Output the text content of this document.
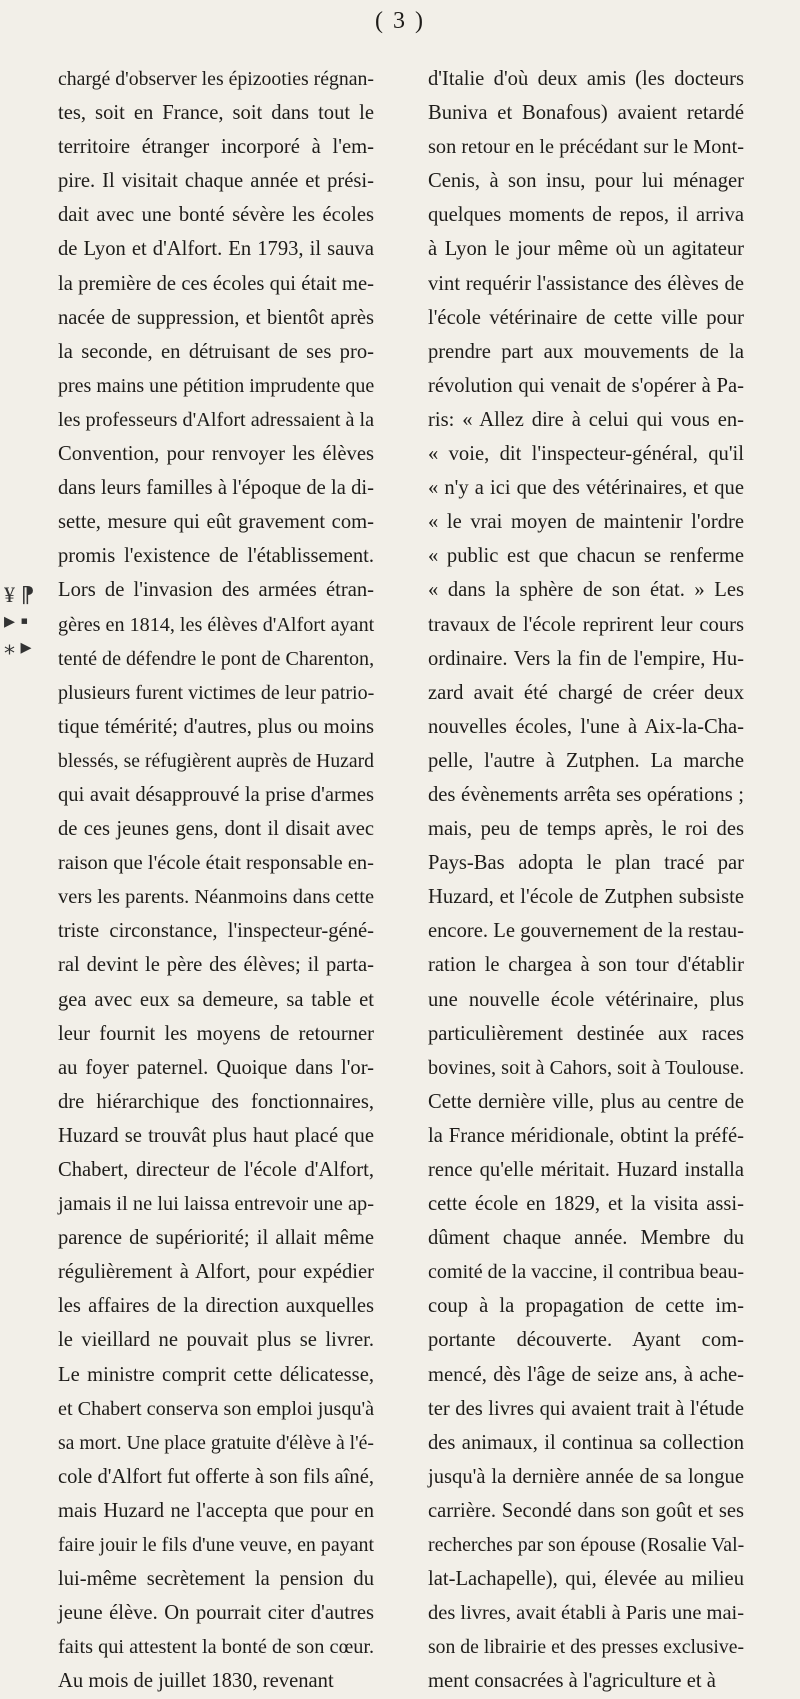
( 3 )
¥ ⁋
▸ ▪
⁎ ▸
chargé d'observer les épizooties régnan-
tes, soit en France, soit dans tout le
territoire étranger incorporé à l'em-
pire. Il visitait chaque année et prési-
dait avec une bonté sévère les écoles
de Lyon et d'Alfort. En 1793, il sauva
la première de ces écoles qui était me-
nacée de suppression, et bientôt après
la seconde, en détruisant de ses pro-
pres mains une pétition imprudente que
les professeurs d'Alfort adressaient à la
Convention, pour renvoyer les élèves
dans leurs familles à l'époque de la di-
sette, mesure qui eût gravement com-
promis l'existence de l'établissement.
Lors de l'invasion des armées étran-
gères en 1814, les élèves d'Alfort ayant
tenté de défendre le pont de Charenton,
plusieurs furent victimes de leur patrio-
tique témérité; d'autres, plus ou moins
blessés, se réfugièrent auprès de Huzard
qui avait désapprouvé la prise d'armes
de ces jeunes gens, dont il disait avec
raison que l'école était responsable en-
vers les parents. Néanmoins dans cette
triste circonstance, l'inspecteur-géné-
ral devint le père des élèves; il parta-
gea avec eux sa demeure, sa table et
leur fournit les moyens de retourner
au foyer paternel. Quoique dans l'or-
dre hiérarchique des fonctionnaires,
Huzard se trouvât plus haut placé que
Chabert, directeur de l'école d'Alfort,
jamais il ne lui laissa entrevoir une ap-
parence de supériorité; il allait même
régulièrement à Alfort, pour expédier
les affaires de la direction auxquelles
le vieillard ne pouvait plus se livrer.
Le ministre comprit cette délicatesse,
et Chabert conserva son emploi jusqu'à
sa mort. Une place gratuite d'élève à l'é-
cole d'Alfort fut offerte à son fils aîné,
mais Huzard ne l'accepta que pour en
faire jouir le fils d'une veuve, en payant
lui-même secrètement la pension du
jeune élève. On pourrait citer d'autres
faits qui attestent la bonté de son cœur.
Au mois de juillet 1830, revenant
d'Italie d'où deux amis (les docteurs
Buniva et Bonafous) avaient retardé
son retour en le précédant sur le Mont-
Cenis, à son insu, pour lui ménager
quelques moments de repos, il arriva
à Lyon le jour même où un agitateur
vint requérir l'assistance des élèves de
l'école vétérinaire de cette ville pour
prendre part aux mouvements de la
révolution qui venait de s'opérer à Pa-
ris: « Allez dire à celui qui vous en-
« voie, dit l'inspecteur-général, qu'il
« n'y a ici que des vétérinaires, et que
« le vrai moyen de maintenir l'ordre
« public est que chacun se renferme
« dans la sphère de son état. » Les
travaux de l'école reprirent leur cours
ordinaire. Vers la fin de l'empire, Hu-
zard avait été chargé de créer deux
nouvelles écoles, l'une à Aix-la-Cha-
pelle, l'autre à Zutphen. La marche
des évènements arrêta ses opérations ;
mais, peu de temps après, le roi des
Pays-Bas adopta le plan tracé par
Huzard, et l'école de Zutphen subsiste
encore. Le gouvernement de la restau-
ration le chargea à son tour d'établir
une nouvelle école vétérinaire, plus
particulièrement destinée aux races
bovines, soit à Cahors, soit à Toulouse.
Cette dernière ville, plus au centre de
la France méridionale, obtint la préfé-
rence qu'elle méritait. Huzard installa
cette école en 1829, et la visita assi-
dûment chaque année. Membre du
comité de la vaccine, il contribua beau-
coup à la propagation de cette im-
portante découverte. Ayant com-
mencé, dès l'âge de seize ans, à ache-
ter des livres qui avaient trait à l'étude
des animaux, il continua sa collection
jusqu'à la dernière année de sa longue
carrière. Secondé dans son goût et ses
recherches par son épouse (Rosalie Val-
lat-Lachapelle), qui, élevée au milieu
des livres, avait établi à Paris une mai-
son de librairie et des presses exclusive-
ment consacrées à l'agriculture et à
